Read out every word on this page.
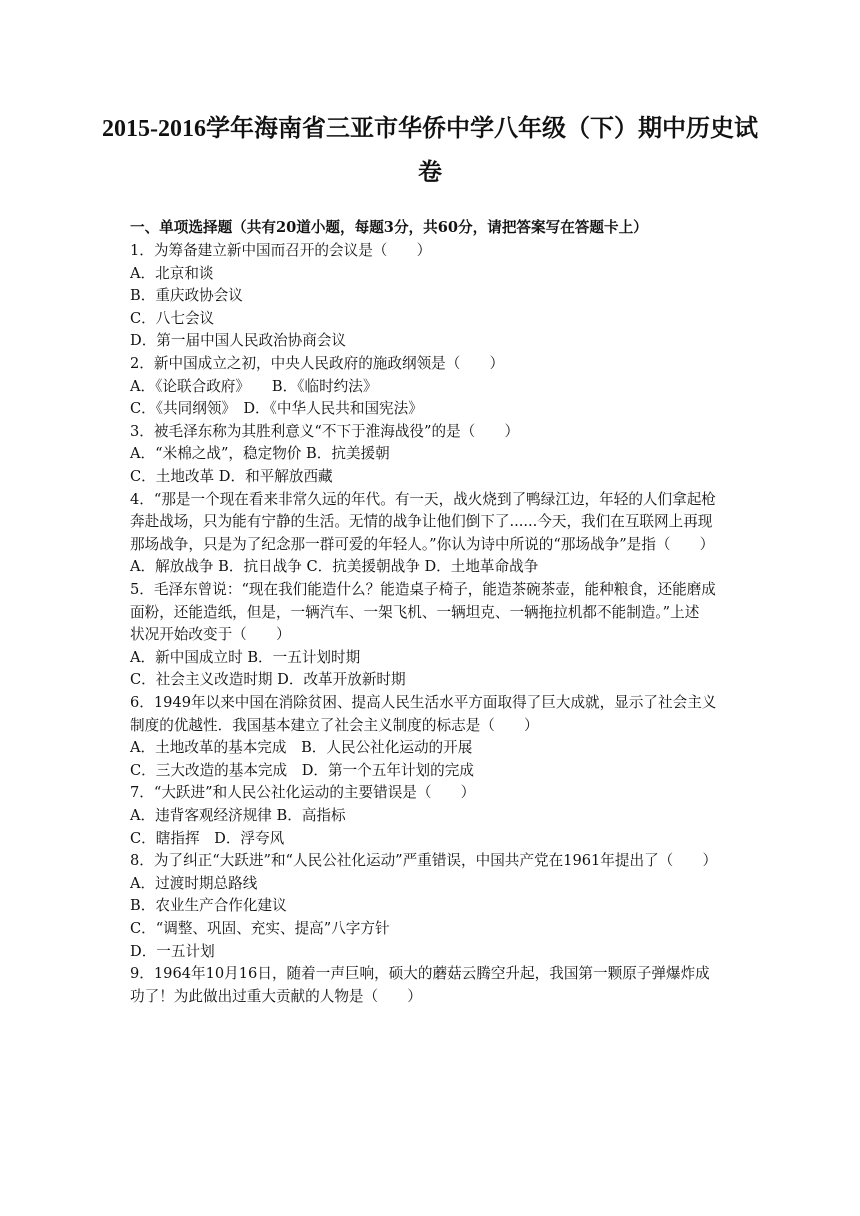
2015-2016学年海南省三亚市华侨中学八年级（下）期中历史试
卷
一、单项选择题（共有20道小题，每题3分，共60分，请把答案写在答题卡上）
1．为筹备建立新中国而召开的会议是（　　）
A．北京和谈
B．重庆政协会议
C．八七会议
D．第一届中国人民政治协商会议
2．新中国成立之初，中央人民政府的施政纲领是（　　）
A．《论联合政府》　　B．《临时约法》
C．《共同纲领》　D．《中华人民共和国宪法》
3．被毛泽东称为其胜利意义“不下于淮海战役”的是（　　）
A．“米棉之战”，稳定物价 B．抗美援朝
C．土地改革 D．和平解放西藏
4．“那是一个现在看来非常久远的年代。有一天，战火烧到了鸭绿江边，年轻的人们拿起枪
奔赴战场，只为能有宁静的生活。无情的战争让他们倒下了......今天，我们在互联网上再现
那场战争，只是为了纪念那一群可爱的年轻人。”你认为诗中所说的“那场战争”是指（　　）
A．解放战争 B．抗日战争 C．抗美援朝战争 D．土地革命战争
5．毛泽东曾说：“现在我们能造什么？能造桌子椅子，能造茶碗茶壶，能种粮食，还能磨成
面粉，还能造纸，但是，一辆汽车、一架飞机、一辆坦克、一辆拖拉机都不能制造。”上述
状况开始改变于（　　）
A．新中国成立时 B．一五计划时期
C．社会主义改造时期 D．改革开放新时期
6．1949年以来中国在消除贫困、提高人民生活水平方面取得了巨大成就，显示了社会主义
制度的优越性．我国基本建立了社会主义制度的标志是（　　）
A．土地改革的基本完成　B．人民公社化运动的开展
C．三大改造的基本完成　D．第一个五年计划的完成
7．“大跃进”和人民公社化运动的主要错误是（　　）
A．违背客观经济规律 B．高指标
C．瞎指挥　D．浮夸风
8．为了纠正“大跃进”和“人民公社化运动”严重错误，中国共产党在1961年提出了（　　）
A．过渡时期总路线
B．农业生产合作化建议
C．“调整、巩固、充实、提高”八字方针
D．一五计划
9．1964年10月16日，随着一声巨响，硕大的蘑菇云腾空升起，我国第一颗原子弹爆炸成
功了！为此做出过重大贡献的人物是（　　）
